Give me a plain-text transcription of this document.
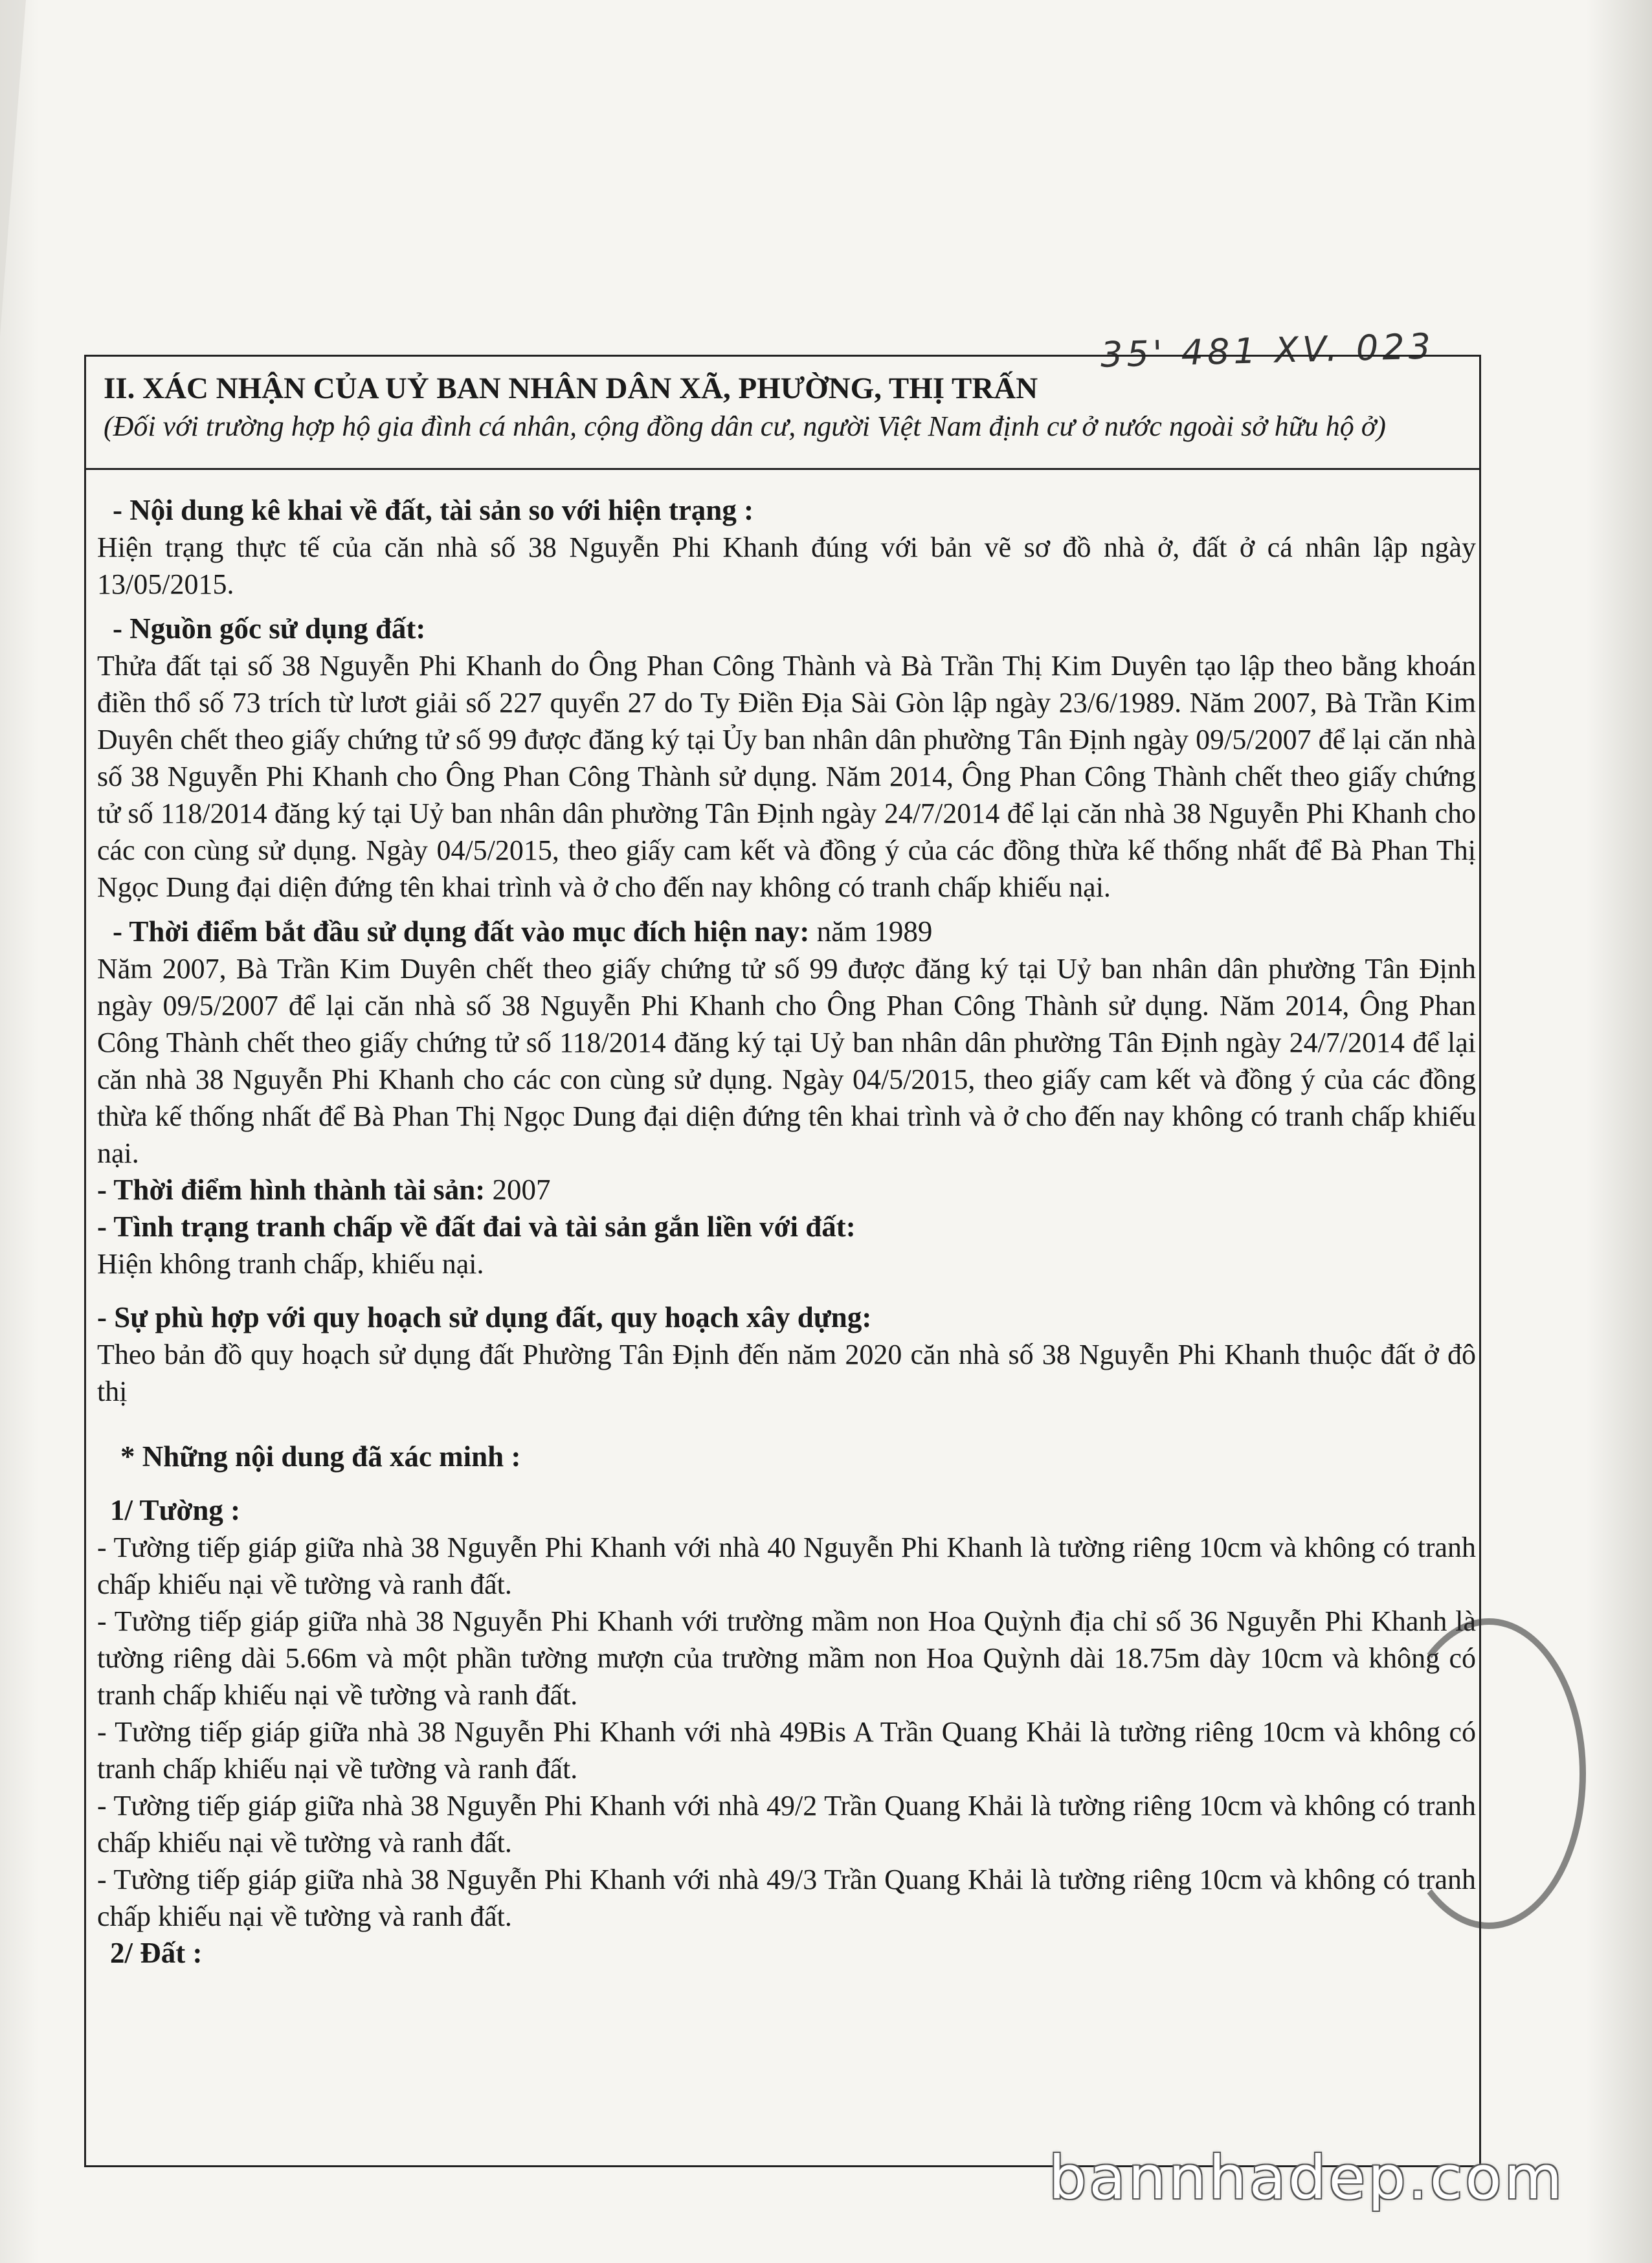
35' 481 XV. 023
II. XÁC NHẬN CỦA UỶ BAN NHÂN DÂN XÃ, PHƯỜNG, THỊ TRẤN
(Đối với trường hợp hộ gia đình cá nhân, cộng đồng dân cư, người Việt Nam định cư ở nước ngoài sở hữu hộ ở)
- Nội dung kê khai về đất, tài sản so với hiện trạng :
Hiện trạng thực tế của căn nhà số 38 Nguyễn Phi Khanh đúng với bản vẽ sơ đồ nhà ở, đất ở cá nhân lập ngày 13/05/2015.
- Nguồn gốc sử dụng đất:
Thửa đất tại số 38 Nguyễn Phi Khanh do Ông Phan Công Thành và Bà Trần Thị Kim Duyên tạo lập theo bằng khoán điền thổ số 73 trích từ lươt giải số 227 quyển 27 do Ty Điền Địa Sài Gòn lập ngày 23/6/1989. Năm 2007, Bà Trần Kim Duyên chết theo giấy chứng tử số 99 được đăng ký tại Ủy ban nhân dân phường Tân Định ngày 09/5/2007 để lại căn nhà số 38 Nguyễn Phi Khanh cho Ông Phan Công Thành sử dụng. Năm 2014, Ông Phan Công Thành chết theo giấy chứng tử số 118/2014 đăng ký tại Uỷ ban nhân dân phường Tân Định ngày 24/7/2014 để lại căn nhà 38 Nguyễn Phi Khanh cho các con cùng sử dụng. Ngày 04/5/2015, theo giấy cam kết và đồng ý của các đồng thừa kế thống nhất để Bà Phan Thị Ngọc Dung đại diện đứng tên khai trình và ở cho đến nay không có tranh chấp khiếu nại.
- Thời điểm bắt đầu sử dụng đất vào mục đích hiện nay: năm 1989
Năm 2007, Bà Trần Kim Duyên chết theo giấy chứng tử số 99 được đăng ký tại Uỷ ban nhân dân phường Tân Định ngày 09/5/2007 để lại căn nhà số 38 Nguyễn Phi Khanh cho Ông Phan Công Thành sử dụng. Năm 2014, Ông Phan Công Thành chết theo giấy chứng tử số 118/2014 đăng ký tại Uỷ ban nhân dân phường Tân Định ngày 24/7/2014 để lại căn nhà 38 Nguyễn Phi Khanh cho các con cùng sử dụng. Ngày 04/5/2015, theo giấy cam kết và đồng ý của các đồng thừa kế thống nhất để Bà Phan Thị Ngọc Dung đại diện đứng tên khai trình và ở cho đến nay không có tranh chấp khiếu nại.
- Thời điểm hình thành tài sản: 2007
- Tình trạng tranh chấp về đất đai và tài sản gắn liền với đất:
Hiện không tranh chấp, khiếu nại.
- Sự phù hợp với quy hoạch sử dụng đất, quy hoạch xây dựng:
Theo bản đồ quy hoạch sử dụng đất Phường Tân Định đến năm 2020 căn nhà số 38 Nguyễn Phi Khanh thuộc đất ở đô thị
* Những nội dung đã xác minh :
1/ Tường :
- Tường tiếp giáp giữa nhà 38 Nguyễn Phi Khanh với nhà 40 Nguyễn Phi Khanh là tường riêng 10cm và không có tranh chấp khiếu nại về tường và ranh đất.
- Tường tiếp giáp giữa nhà 38 Nguyễn Phi Khanh với trường mầm non Hoa Quỳnh địa chỉ số 36 Nguyễn Phi Khanh là tường riêng dài 5.66m và một phần tường mượn của trường mầm non Hoa Quỳnh dài 18.75m dày 10cm và không có tranh chấp khiếu nại về tường và ranh đất.
- Tường tiếp giáp giữa nhà 38 Nguyễn Phi Khanh với nhà 49Bis A Trần Quang Khải là tường riêng 10cm và không có tranh chấp khiếu nại về tường và ranh đất.
- Tường tiếp giáp giữa nhà 38 Nguyễn Phi Khanh với nhà 49/2 Trần Quang Khải là tường riêng 10cm và không có tranh chấp khiếu nại về tường và ranh đất.
- Tường tiếp giáp giữa nhà 38 Nguyễn Phi Khanh với nhà 49/3 Trần Quang Khải là tường riêng 10cm và không có tranh chấp khiếu nại về tường và ranh đất.
2/ Đất :
bannhadep.com
